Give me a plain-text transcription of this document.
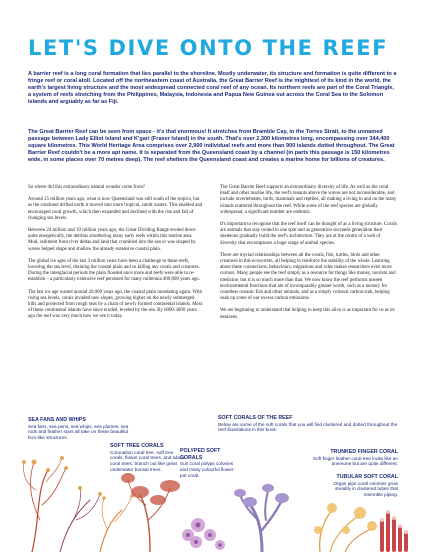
LET'S DIVE ONTO THE REEF
A barrier reef is a long coral formation that lies parallel to the shoreline. Mostly underwater, its structure and formation is quite different to a fringe reef or coral atoll. Located off the northeastern coast of Australia, the Great Barrier Reef is the mightiest of its kind in the world, the earth's largest living structure and the most widespread connected coral reef of any ocean. Its northern reefs are part of the Coral Triangle, a system of reefs stretching from the Philippines, Malaysia, Indonesia and Papua New Guinea out across the Coral Sea to the Solomon Islands and arguably as far as Fiji.
The Great Barrier Reef can be seen from space - it's that enormous! It stretches from Bramble Cay, in the Torres Strait, to the unnamed passage between Lady Elliot Island and K'gari (Fraser Island) in the south. That's over 2,300 kilometres long, encompassing over 344,400 square kilometres. This World Heritage Area comprises over 2,900 individual reefs and more than 900 islands dotted throughout. The Great Barrier Reef couldn't be a more apt name. It is separated from the Queensland coast by a channel (in parts this passage is 150 kilometres wide, in some places over 70 metres deep). The reef shelters the Queensland coast and creates a marine home for billions of creatures.

So where did this extraordinary natural wonder come from?

Around 25 million years ago, what is now Queensland was still south of the tropics, but as the continent drifted north it moved into more tropical, sunlit waters. This enabled and encouraged coral growth, which then expanded and declined with the rise and fall of changing sea levels.

Between 24 million and 10 million years ago, the Great Dividing Range eroded down quite energetically, the detritus smothering many early reefs within this marine area. Mud, sediment from river deltas and land that crumbled into the sea or was shaped by waves helped shape and shallow the already extensive coastal plain.

The global ice ages of the last 3 million years have been a challenge to these reefs, lowering the sea level, draining the coastal plain and so killing any corals and creatures. During the interglacial periods the plain flooded once more and reefs were able to re-establish – a particularly extensive reef persisted for many millennia 400,000 years ago.

The last ice age waned around 20,000 years ago, the coastal plain inundating again. With rising sea levels, corals invaded new slopes, growing higher on the newly submerged hills and protected from rough seas by a chain of newly formed continental islands. Most of these continental islands have since eroded, leveled by the sea. By 6000-3000 years ago the reef was very much how we see it today.

The Great Barrier Reef supports an extraordinary diversity of life. As well as the coral itself and other marine life, the reef's tenants above the waves are not inconsiderable, and include invertebrates, birds, mammals and reptiles, all making a living in and on the many islands scattered throughout the reef. While some of the reef species are globally widespread, a significant number are endemic.

It's important to recognise that the reef itself can be thought of as a living structure. Corals are animals that stay rooted to one spot and as generation succeeds generation their skeletons gradually build the reef's architecture. They are at the centre of a web of diversity that encompasses a huge range of animal species.

There are myriad relationships between all the corals, fish, turtles, birds and other creatures in this ecosystem, all helping to reinforce the stability of the whole. Learning about these connections, behaviours, migrations and roles makes researchers even more curious. Many people see the reef simply as a resource for things like money, tourism and medicine, but it is so much more than that. We now know the reef performs unseen environmental functions that are of incomparably greater worth, such as a nursery for countless oceanic fish and other animals, and as a simply colossal carbon sink, helping soak up some of our excess carbon emissions.

We are beginning to understand that helping to keep this alive is as important for us as its denizens.

SEA FANS AND WHIPS
Sea fans, sea pens, sea whips, sea plumes, sea rods and feather stars all take on these beautiful fern-like structures.
SOFT TREE CORALS
Coronation coral tree, soft tree corals, flower coral trees, and tubual coral trees, branch out like great underwater bonsai trees.
SOFT CORALS OF THE REEF
Below are some of the soft corals that you will find clustered and dotted throughout the reef illustrations in this book.
POLYPED SOFT CORALS
Sun coral polyps colonies and many colourful flower-pot coral.
TRUNKED FINGER CORAL
Soft finger leather coral tree looks like an anemone but are quite different.
TUBULAR SOFT CORAL
Organ pipe coral colonies grow steadily in clustered tubes that resemble piping.
